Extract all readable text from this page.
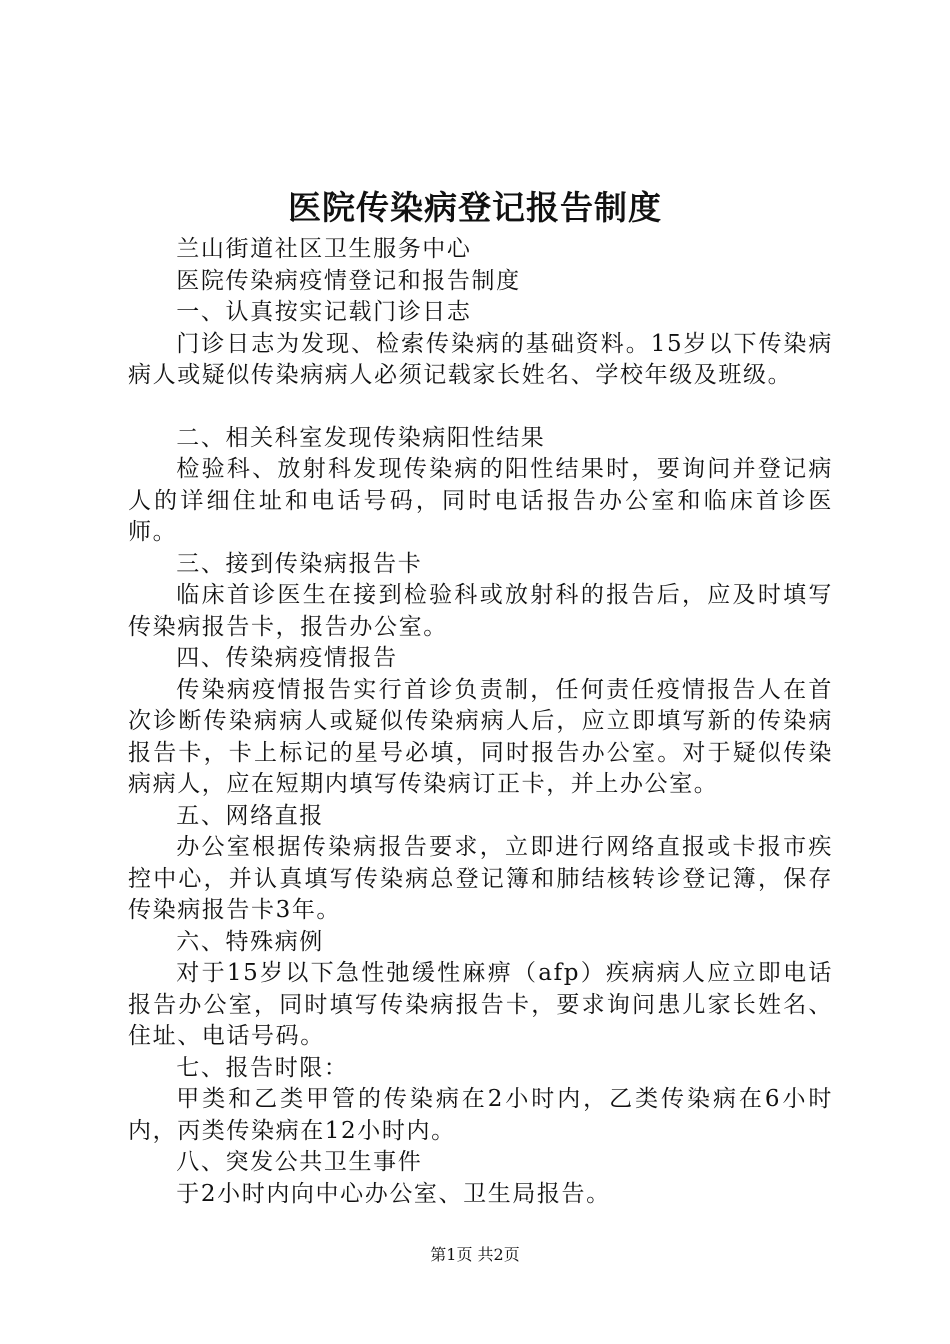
医院传染病登记报告制度

兰山街道社区卫生服务中心

医院传染病疫情登记和报告制度

一、认真按实记载门诊日志

门诊日志为发现、检索传染病的基础资料。15岁以下传染病病人或疑似传染病病人必须记载家长姓名、学校年级及班级。

二、相关科室发现传染病阳性结果

检验科、放射科发现传染病的阳性结果时，要询问并登记病人的详细住址和电话号码，同时电话报告办公室和临床首诊医师。

三、接到传染病报告卡

临床首诊医生在接到检验科或放射科的报告后，应及时填写传染病报告卡，报告办公室。

四、传染病疫情报告

传染病疫情报告实行首诊负责制，任何责任疫情报告人在首次诊断传染病病人或疑似传染病病人后，应立即填写新的传染病报告卡，卡上标记的星号必填，同时报告办公室。对于疑似传染病病人，应在短期内填写传染病订正卡，并上办公室。

五、网络直报

办公室根据传染病报告要求，立即进行网络直报或卡报市疾控中心，并认真填写传染病总登记簿和肺结核转诊登记簿，保存传染病报告卡3年。

六、特殊病例

对于15岁以下急性弛缓性麻痹（afp）疾病病人应立即电话报告办公室，同时填写传染病报告卡，要求询问患儿家长姓名、住址、电话号码。

七、报告时限：

甲类和乙类甲管的传染病在2小时内，乙类传染病在6小时内，丙类传染病在12小时内。

八、突发公共卫生事件

于2小时内向中心办公室、卫生局报告。

第1页 共2页
